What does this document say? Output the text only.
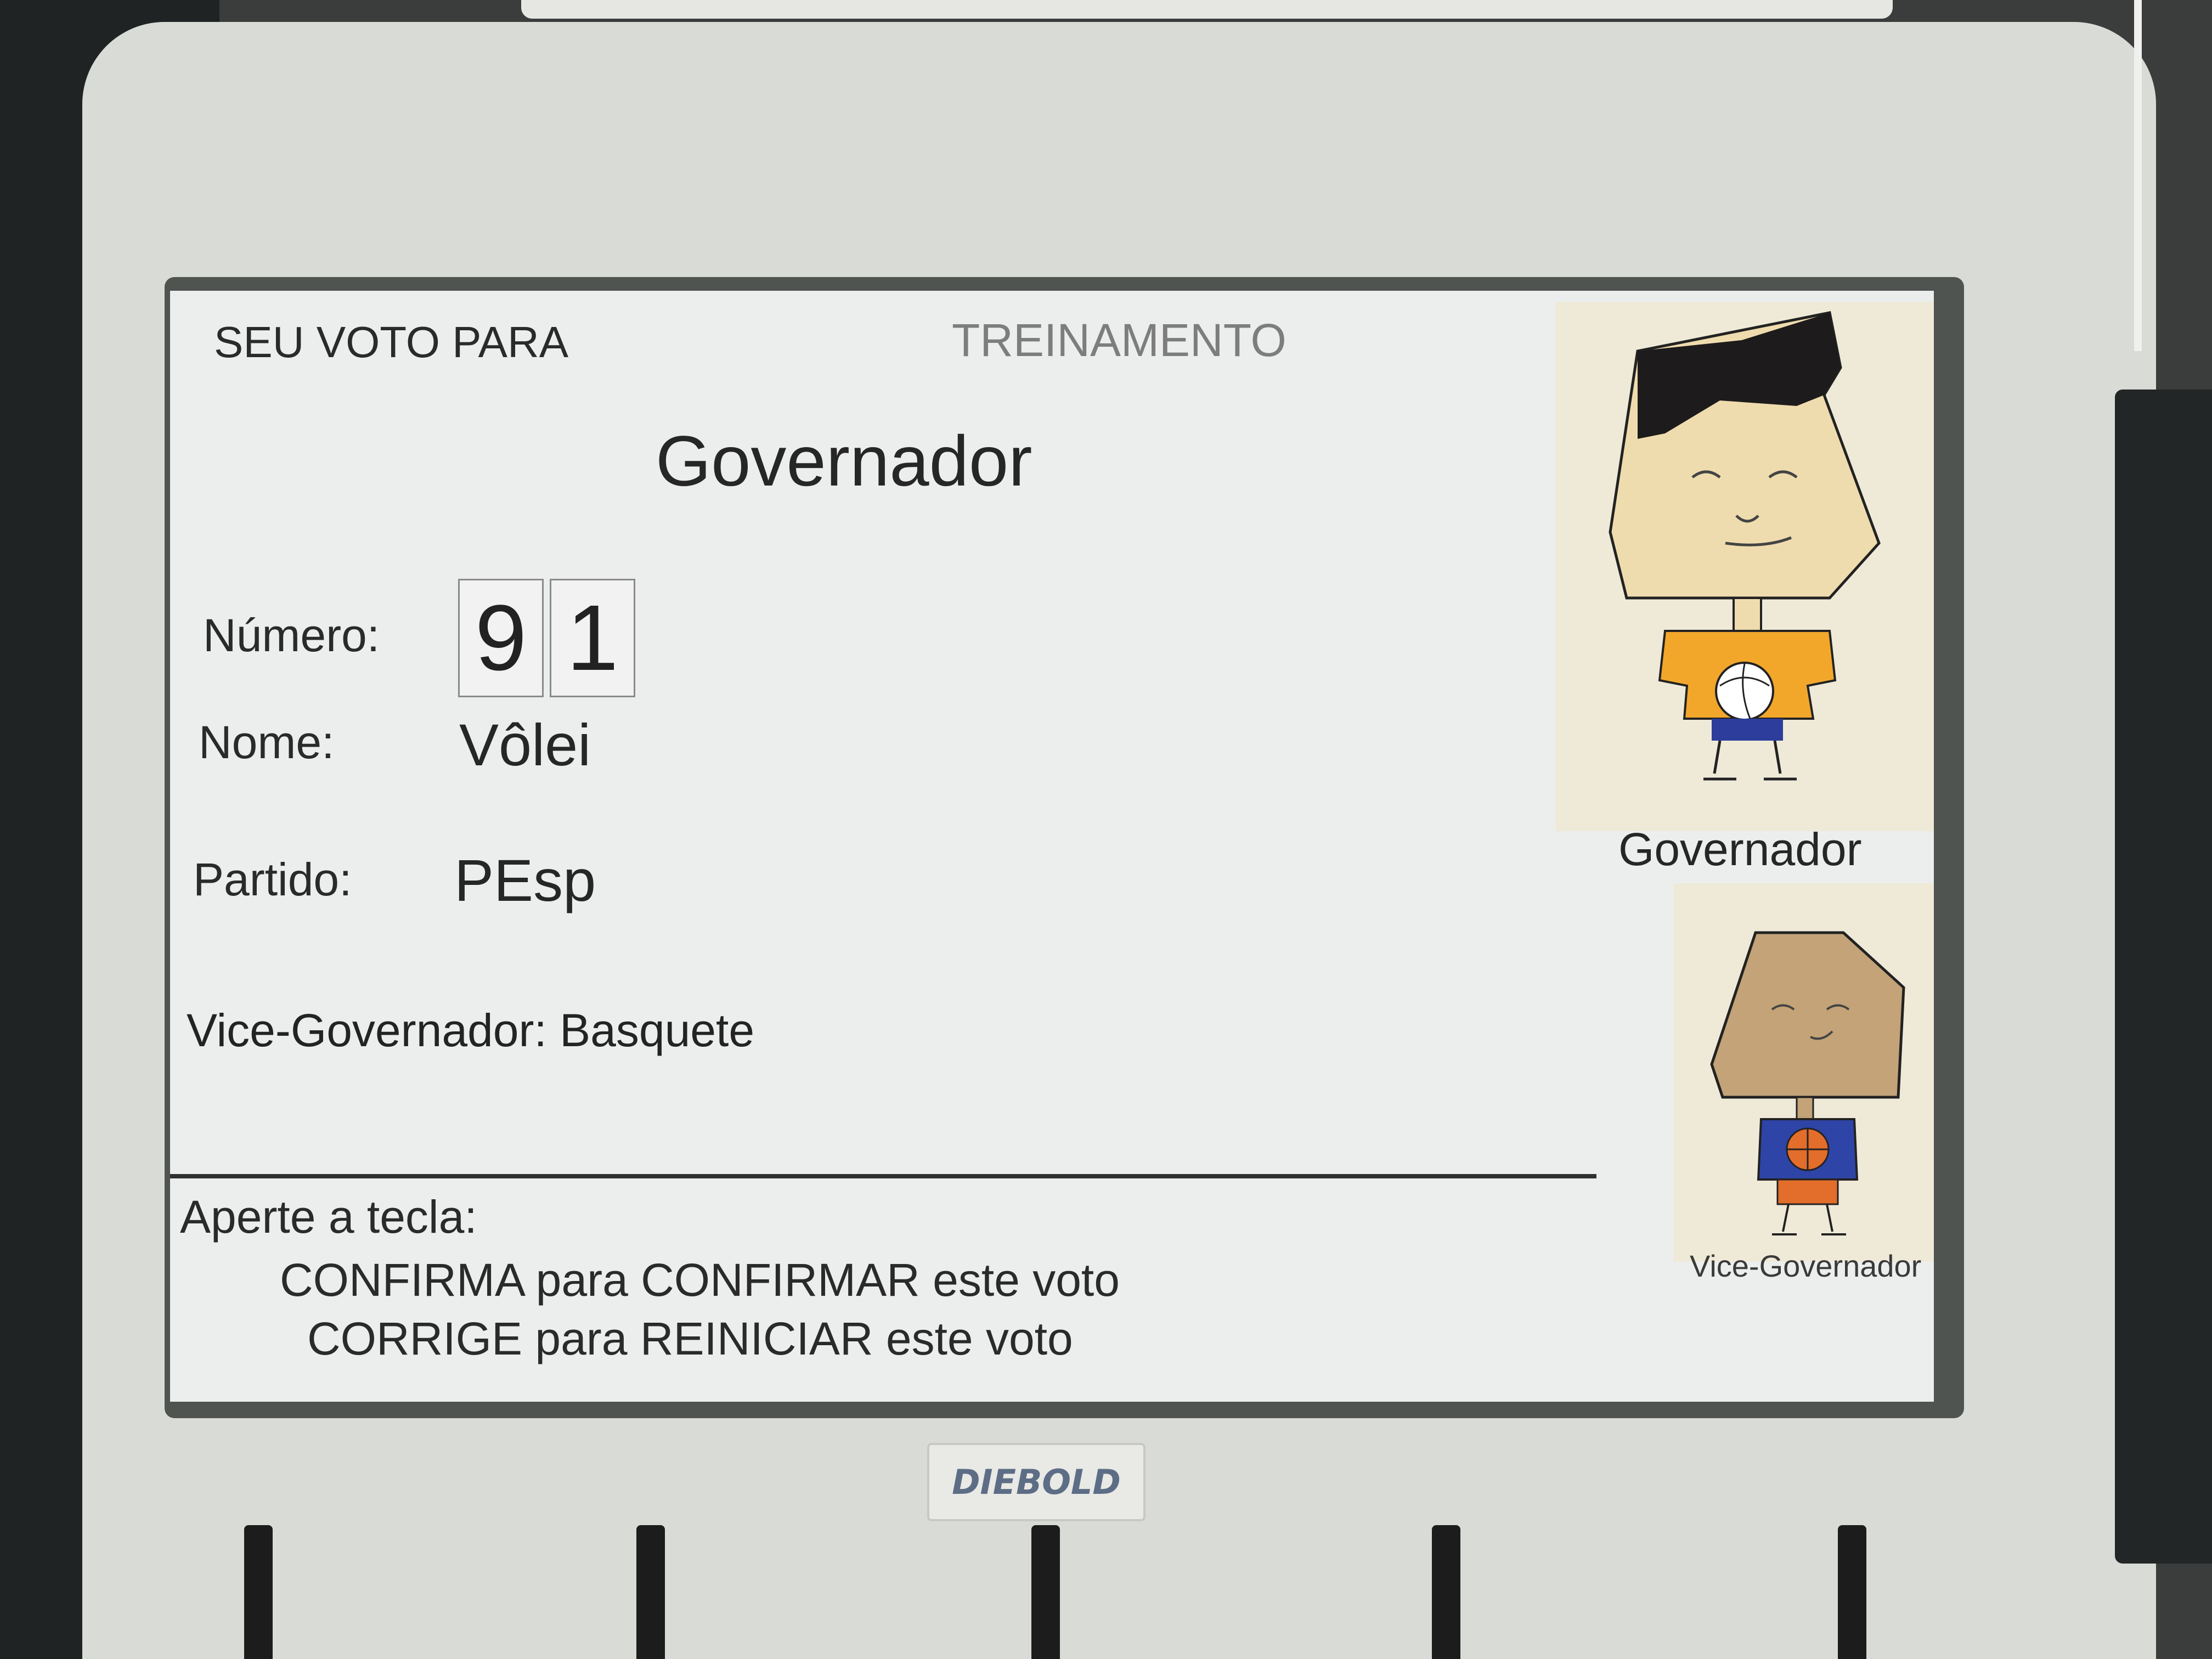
SEU VOTO PARA	TREINAMENTO
Governador
Número: 9 1
Nome: Vôlei
Partido: PEsp
Vice-Governador: Basquete
Aperte a tecla:
CONFIRMA para CONFIRMAR este voto
CORRIGE para REINICIAR este voto
Governador
Vice-Governador
DIEBOLD
